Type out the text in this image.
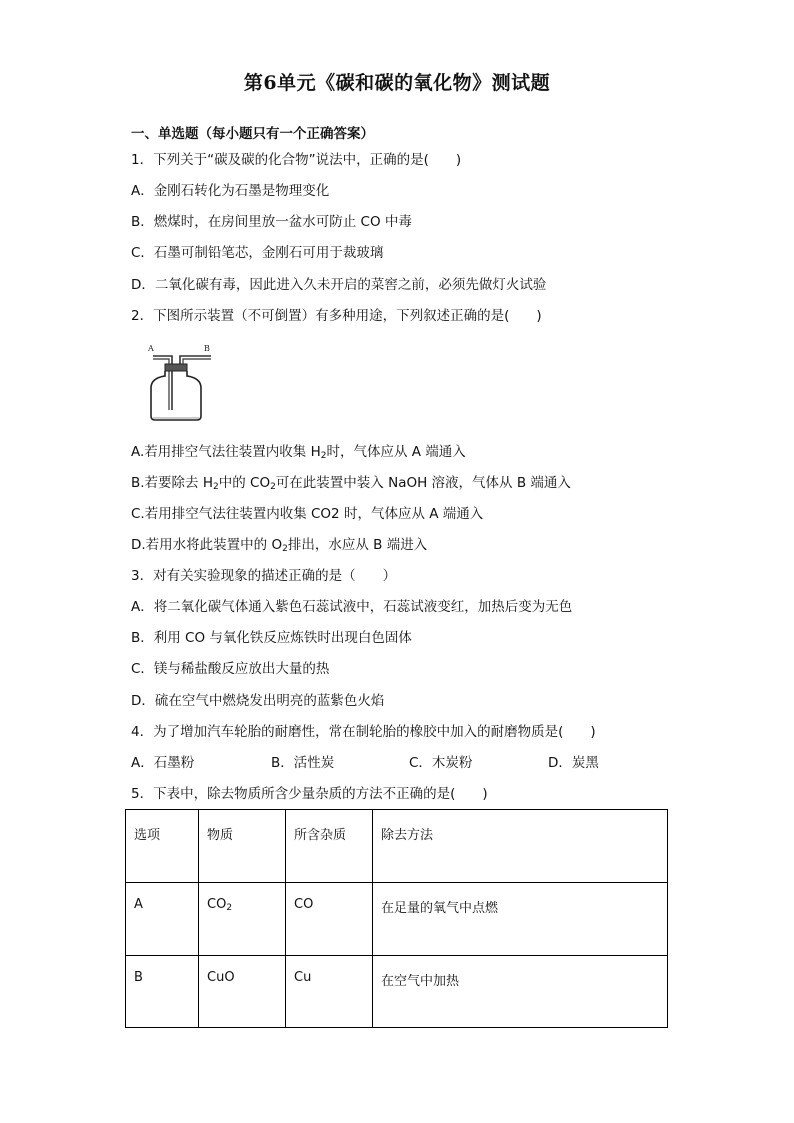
第6单元《碳和碳的氧化物》测试题
一、单选题（每小题只有一个正确答案）
1．下列关于“碳及碳的化合物”说法中，正确的是(　　)
A．金刚石转化为石墨是物理变化
B．燃煤时，在房间里放一盆水可防止 CO 中毒
C．石墨可制铅笔芯，金刚石可用于裁玻璃
D．二氧化碳有毒，因此进入久未开启的菜窖之前，必须先做灯火试验
2．下图所示装置（不可倒置）有多种用途，下列叙述正确的是(　　)
A	B
A.若用排空气法往装置内收集 $H_2$时，气体应从 A 端通入
B.若要除去 $H_2$中的 $CO_2$可在此装置中装入 NaOH 溶液，气体从 B 端通入
C.若用排空气法往装置内收集 CO2 时，气体应从 A 端通入
D.若用水将此装置中的 $O_2$排出，水应从 B 端进入
3．对有关实验现象的描述正确的是（　　）
A．将二氧化碳气体通入紫色石蕊试液中，石蕊试液变红，加热后变为无色
B．利用 CO 与氧化铁反应炼铁时出现白色固体
C．镁与稀盐酸反应放出大量的热
D．硫在空气中燃烧发出明亮的蓝紫色火焰
4．为了增加汽车轮胎的耐磨性，常在制轮胎的橡胶中加入的耐磨物质是(　　)
A．石墨粉	B．活性炭	C．木炭粉	D．炭黑
5．下表中，除去物质所含少量杂质的方法不正确的是(　　)
选项	物质	所含杂质	除去方法
A	$CO_2$	CO	在足量的氧气中点燃
B	CuO	Cu	在空气中加热
